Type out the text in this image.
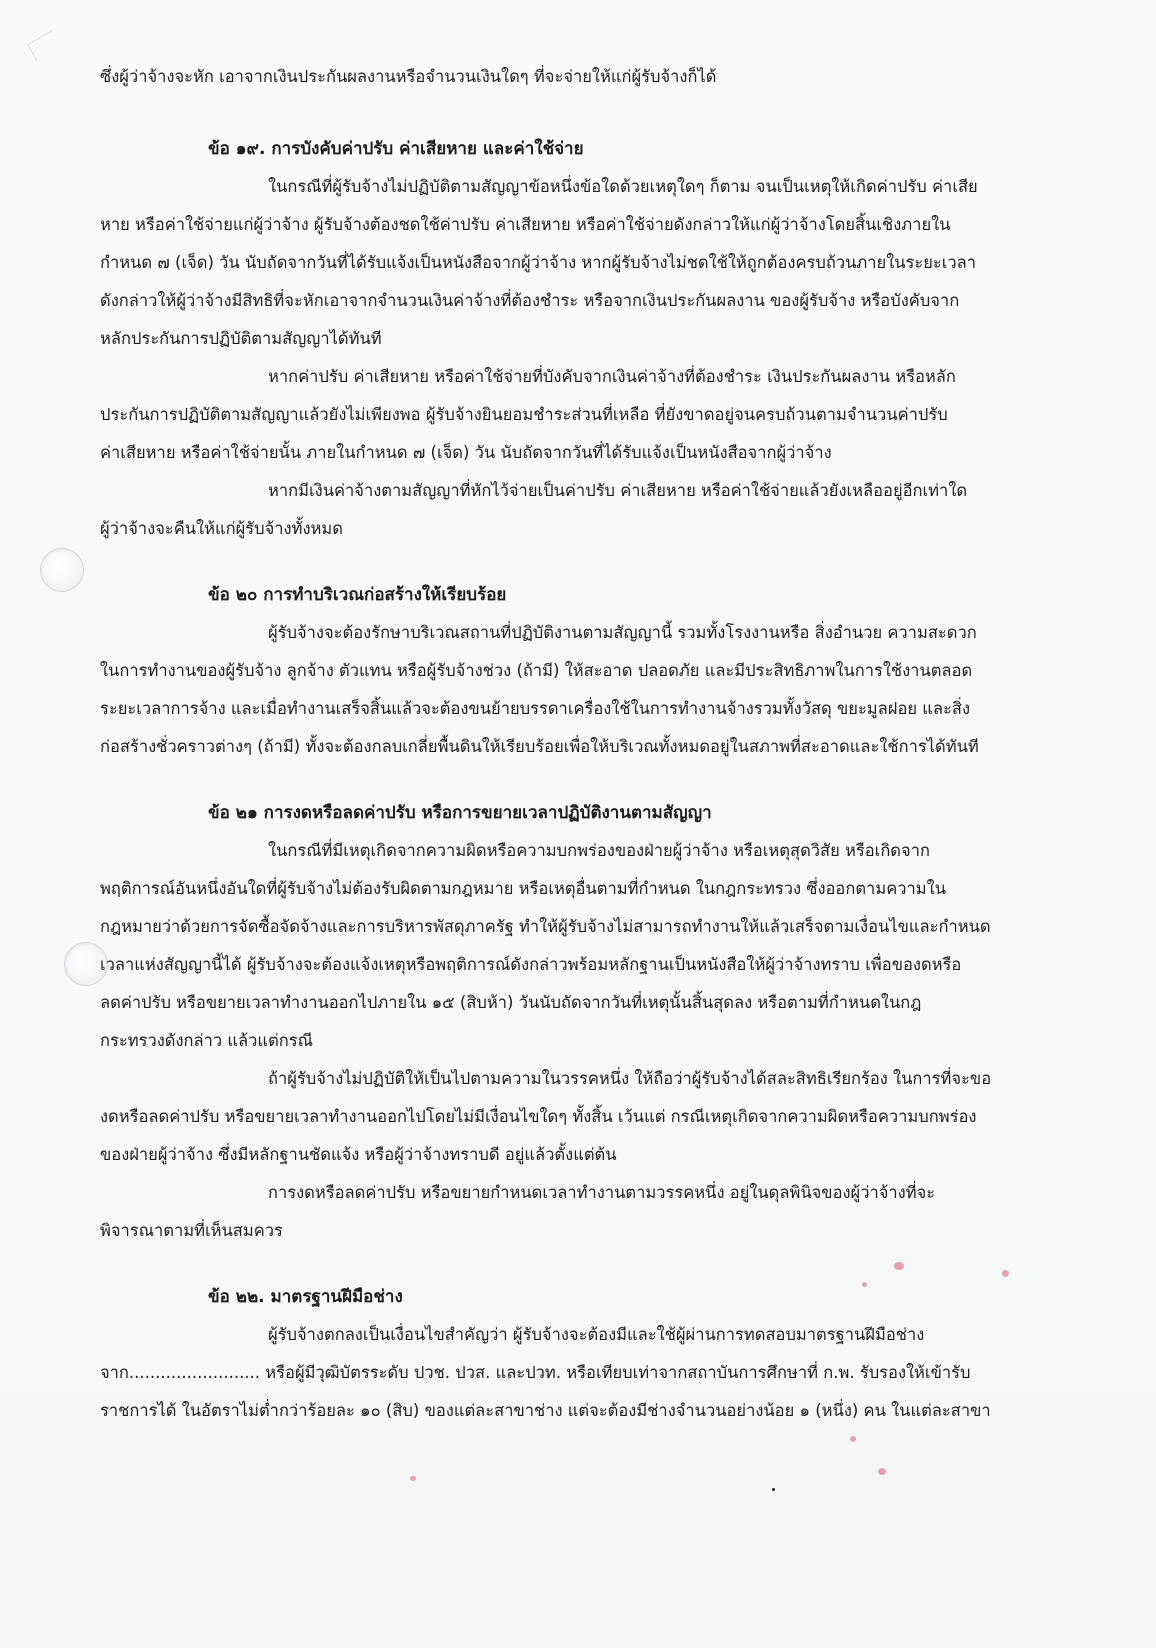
ซึ่งผู้ว่าจ้างจะหัก เอาจากเงินประกันผลงานหรือจำนวนเงินใดๆ ที่จะจ่ายให้แก่ผู้รับจ้างก็ได้
ข้อ ๑๙. การบังคับค่าปรับ ค่าเสียหาย และค่าใช้จ่าย
ในกรณีที่ผู้รับจ้างไม่ปฏิบัติตามสัญญาข้อหนึ่งข้อใดด้วยเหตุใดๆ ก็ตาม จนเป็นเหตุให้เกิดค่าปรับ ค่าเสีย
หาย หรือค่าใช้จ่ายแก่ผู้ว่าจ้าง ผู้รับจ้างต้องชดใช้ค่าปรับ ค่าเสียหาย หรือค่าใช้จ่ายดังกล่าวให้แก่ผู้ว่าจ้างโดยสิ้นเชิงภายใน
กำหนด ๗ (เจ็ด) วัน นับถัดจากวันที่ได้รับแจ้งเป็นหนังสือจากผู้ว่าจ้าง หากผู้รับจ้างไม่ชดใช้ให้ถูกต้องครบถ้วนภายในระยะเวลา
ดังกล่าวให้ผู้ว่าจ้างมีสิทธิที่จะหักเอาจากจำนวนเงินค่าจ้างที่ต้องชำระ หรือจากเงินประกันผลงาน ของผู้รับจ้าง หรือบังคับจาก
หลักประกันการปฏิบัติตามสัญญาได้ทันที
หากค่าปรับ ค่าเสียหาย หรือค่าใช้จ่ายที่บังคับจากเงินค่าจ้างที่ต้องชำระ เงินประกันผลงาน หรือหลัก
ประกันการปฏิบัติตามสัญญาแล้วยังไม่เพียงพอ ผู้รับจ้างยินยอมชำระส่วนที่เหลือ ที่ยังขาดอยู่จนครบถ้วนตามจำนวนค่าปรับ
ค่าเสียหาย หรือค่าใช้จ่ายนั้น ภายในกำหนด ๗ (เจ็ด) วัน นับถัดจากวันที่ได้รับแจ้งเป็นหนังสือจากผู้ว่าจ้าง
หากมีเงินค่าจ้างตามสัญญาที่หักไว้จ่ายเป็นค่าปรับ ค่าเสียหาย หรือค่าใช้จ่ายแล้วยังเหลืออยู่อีกเท่าใด
ผู้ว่าจ้างจะคืนให้แก่ผู้รับจ้างทั้งหมด
ข้อ ๒๐ การทำบริเวณก่อสร้างให้เรียบร้อย
ผู้รับจ้างจะต้องรักษาบริเวณสถานที่ปฏิบัติงานตามสัญญานี้ รวมทั้งโรงงานหรือ สิ่งอำนวย ความสะดวก
ในการทำงานของผู้รับจ้าง ลูกจ้าง ตัวแทน หรือผู้รับจ้างช่วง (ถ้ามี) ให้สะอาด ปลอดภัย และมีประสิทธิภาพในการใช้งานตลอด
ระยะเวลาการจ้าง และเมื่อทำงานเสร็จสิ้นแล้วจะต้องขนย้ายบรรดาเครื่องใช้ในการทำงานจ้างรวมทั้งวัสดุ ขยะมูลฝอย และสิ่ง
ก่อสร้างชั่วคราวต่างๆ (ถ้ามี) ทั้งจะต้องกลบเกลี่ยพื้นดินให้เรียบร้อยเพื่อให้บริเวณทั้งหมดอยู่ในสภาพที่สะอาดและใช้การได้ทันที
ข้อ ๒๑ การงดหรือลดค่าปรับ หรือการขยายเวลาปฏิบัติงานตามสัญญา
ในกรณีที่มีเหตุเกิดจากความผิดหรือความบกพร่องของฝ่ายผู้ว่าจ้าง หรือเหตุสุดวิสัย หรือเกิดจาก
พฤติการณ์อันหนึ่งอันใดที่ผู้รับจ้างไม่ต้องรับผิดตามกฎหมาย หรือเหตุอื่นตามที่กำหนด ในกฎกระทรวง ซึ่งออกตามความใน
กฎหมายว่าด้วยการจัดซื้อจัดจ้างและการบริหารพัสดุภาครัฐ ทำให้ผู้รับจ้างไม่สามารถทำงานให้แล้วเสร็จตามเงื่อนไขและกำหนด
เวลาแห่งสัญญานี้ได้ ผู้รับจ้างจะต้องแจ้งเหตุหรือพฤติการณ์ดังกล่าวพร้อมหลักฐานเป็นหนังสือให้ผู้ว่าจ้างทราบ เพื่อของดหรือ
ลดค่าปรับ หรือขยายเวลาทำงานออกไปภายใน ๑๕ (สิบห้า) วันนับถัดจากวันที่เหตุนั้นสิ้นสุดลง หรือตามที่กำหนดในกฎ
กระทรวงดังกล่าว แล้วแต่กรณี
ถ้าผู้รับจ้างไม่ปฏิบัติให้เป็นไปตามความในวรรคหนึ่ง ให้ถือว่าผู้รับจ้างได้สละสิทธิเรียกร้อง ในการที่จะขอ
งดหรือลดค่าปรับ หรือขยายเวลาทำงานออกไปโดยไม่มีเงื่อนไขใดๆ ทั้งสิ้น เว้นแต่ กรณีเหตุเกิดจากความผิดหรือความบกพร่อง
ของฝ่ายผู้ว่าจ้าง ซึ่งมีหลักฐานชัดแจ้ง หรือผู้ว่าจ้างทราบดี อยู่แล้วตั้งแต่ต้น
การงดหรือลดค่าปรับ หรือขยายกำหนดเวลาทำงานตามวรรคหนึ่ง อยู่ในดุลพินิจของผู้ว่าจ้างที่จะ
พิจารณาตามที่เห็นสมควร
ข้อ ๒๒. มาตรฐานฝีมือช่าง
ผู้รับจ้างตกลงเป็นเงื่อนไขสำคัญว่า ผู้รับจ้างจะต้องมีและใช้ผู้ผ่านการทดสอบมาตรฐานฝีมือช่าง
จาก......................... หรือผู้มีวุฒิบัตรระดับ ปวช. ปวส. และปวท. หรือเทียบเท่าจากสถาบันการศึกษาที่ ก.พ. รับรองให้เข้ารับ
ราชการได้ ในอัตราไม่ต่ำกว่าร้อยละ ๑๐ (สิบ) ของแต่ละสาขาช่าง แต่จะต้องมีช่างจำนวนอย่างน้อย ๑ (หนึ่ง) คน ในแต่ละสาขา
